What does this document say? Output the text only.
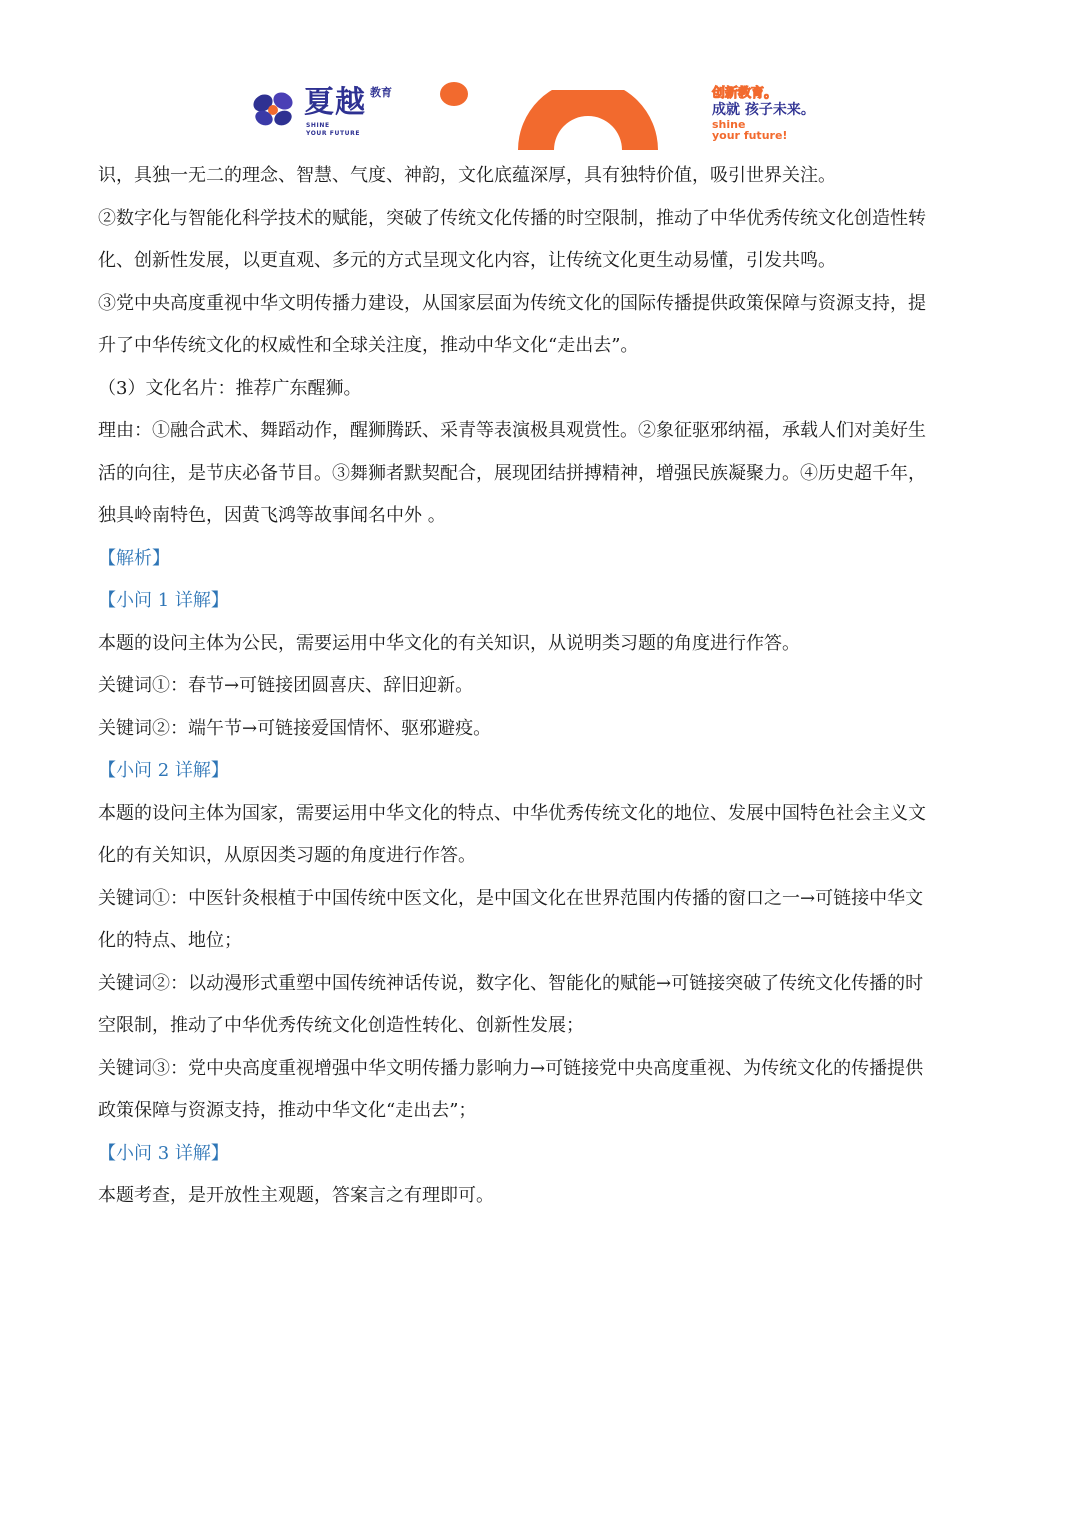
夏越 教育
SHINE
YOUR FUTURE
创新教育。
成就 孩子未来。
shine
your future!
识，具独一无二的理念、智慧、气度、神韵，文化底蕴深厚，具有独特价值，吸引世界关注。
②数字化与智能化科学技术的赋能，突破了传统文化传播的时空限制，推动了中华优秀传统文化创造性转
化、创新性发展，以更直观、多元的方式呈现文化内容，让传统文化更生动易懂，引发共鸣。
③党中央高度重视中华文明传播力建设，从国家层面为传统文化的国际传播提供政策保障与资源支持，提
升了中华传统文化的权威性和全球关注度，推动中华文化“走出去”。
（3）文化名片：推荐广东醒狮。
理由：①融合武术、舞蹈动作，醒狮腾跃、采青等表演极具观赏性。②象征驱邪纳福，承载人们对美好生
活的向往，是节庆必备节目。③舞狮者默契配合，展现团结拼搏精神，增强民族凝聚力。④历史超千年，
独具岭南特色，因黄飞鸿等故事闻名中外 。
【解析】
【小问 1 详解】
本题的设问主体为公民，需要运用中华文化的有关知识，从说明类习题的角度进行作答。
关键词①：春节→可链接团圆喜庆、辞旧迎新。
关键词②：端午节→可链接爱国情怀、驱邪避疫。
【小问 2 详解】
本题的设问主体为国家，需要运用中华文化的特点、中华优秀传统文化的地位、发展中国特色社会主义文
化的有关知识，从原因类习题的角度进行作答。
关键词①：中医针灸根植于中国传统中医文化，是中国文化在世界范围内传播的窗口之一→可链接中华文
化的特点、地位；
关键词②：以动漫形式重塑中国传统神话传说，数字化、智能化的赋能→可链接突破了传统文化传播的时
空限制，推动了中华优秀传统文化创造性转化、创新性发展；
关键词③：党中央高度重视增强中华文明传播力影响力→可链接党中央高度重视、为传统文化的传播提供
政策保障与资源支持，推动中华文化“走出去”；
【小问 3 详解】
本题考查，是开放性主观题，答案言之有理即可。
